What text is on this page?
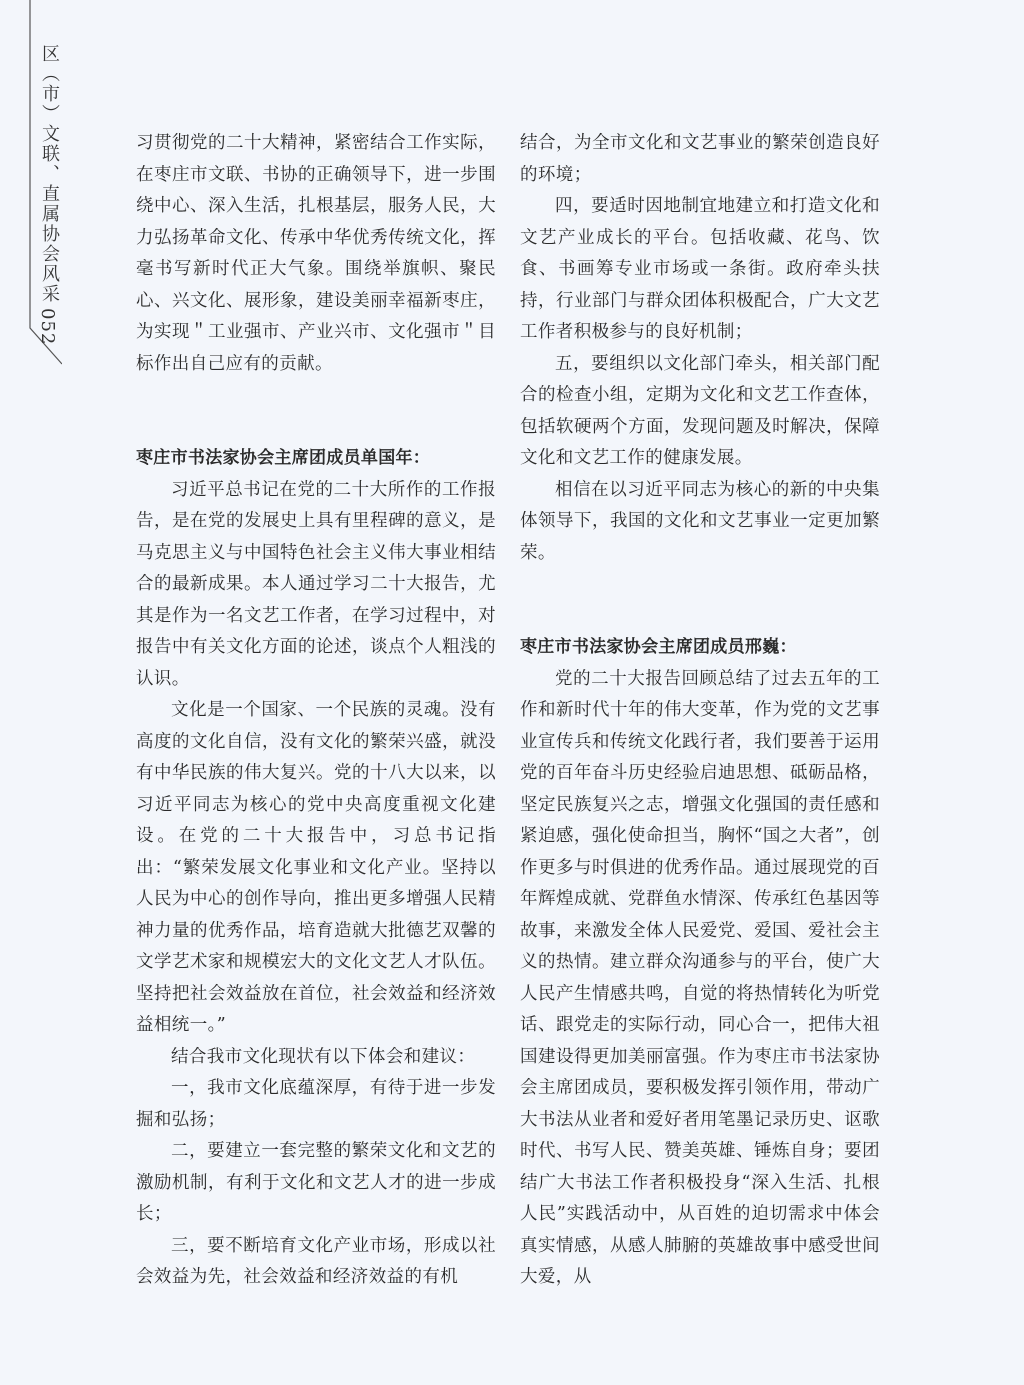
区（市）文联、直属协会风采
052

习贯彻党的二十大精神，紧密结合工作实际，在枣庄市文联、书协的正确领导下，进一步围绕中心、深入生活，扎根基层，服务人民，大力弘扬革命文化、传承中华优秀传统文化，挥毫书写新时代正大气象。围绕举旗帜、聚民心、兴文化、展形象，建设美丽幸福新枣庄，为实现＂工业强市、产业兴市、文化强市＂目标作出自己应有的贡献。

枣庄市书法家协会主席团成员单国年：

习近平总书记在党的二十大所作的工作报告，是在党的发展史上具有里程碑的意义，是马克思主义与中国特色社会主义伟大事业相结合的最新成果。本人通过学习二十大报告，尤其是作为一名文艺工作者，在学习过程中，对报告中有关文化方面的论述，谈点个人粗浅的认识。

文化是一个国家、一个民族的灵魂。没有高度的文化自信，没有文化的繁荣兴盛，就没有中华民族的伟大复兴。党的十八大以来，以习近平同志为核心的党中央高度重视文化建设。在党的二十大报告中，习总书记指出：“繁荣发展文化事业和文化产业。坚持以人民为中心的创作导向，推出更多增强人民精神力量的优秀作品，培育造就大批德艺双馨的文学艺术家和规模宏大的文化文艺人才队伍。坚持把社会效益放在首位，社会效益和经济效益相统一。”

结合我市文化现状有以下体会和建议：

一，我市文化底蕴深厚，有待于进一步发掘和弘扬；

二，要建立一套完整的繁荣文化和文艺的激励机制，有利于文化和文艺人才的进一步成长；

三，要不断培育文化产业市场，形成以社会效益为先，社会效益和经济效益的有机

结合，为全市文化和文艺事业的繁荣创造良好的环境；

四，要适时因地制宜地建立和打造文化和文艺产业成长的平台。包括收藏、花鸟、饮食、书画筹专业市场或一条街。政府牵头扶持，行业部门与群众团体积极配合，广大文艺工作者积极参与的良好机制；

五，要组织以文化部门牵头，相关部门配合的检查小组，定期为文化和文艺工作查体，包括软硬两个方面，发现问题及时解决，保障文化和文艺工作的健康发展。

相信在以习近平同志为核心的新的中央集体领导下，我国的文化和文艺事业一定更加繁荣。

枣庄市书法家协会主席团成员邢巍：

党的二十大报告回顾总结了过去五年的工作和新时代十年的伟大变革，作为党的文艺事业宣传兵和传统文化践行者，我们要善于运用党的百年奋斗历史经验启迪思想、砥砺品格，坚定民族复兴之志，增强文化强国的责任感和紧迫感，强化使命担当，胸怀“国之大者”，创作更多与时俱进的优秀作品。通过展现党的百年辉煌成就、党群鱼水情深、传承红色基因等故事，来激发全体人民爱党、爱国、爱社会主义的热情。建立群众沟通参与的平台，使广大人民产生情感共鸣，自觉的将热情转化为听党话、跟党走的实际行动，同心合一，把伟大祖国建设得更加美丽富强。作为枣庄市书法家协会主席团成员，要积极发挥引领作用，带动广大书法从业者和爱好者用笔墨记录历史、讴歌时代、书写人民、赞美英雄、锤炼自身；要团结广大书法工作者积极投身“深入生活、扎根人民”实践活动中，从百姓的迫切需求中体会真实情感，从感人肺腑的英雄故事中感受世间大爱，从
